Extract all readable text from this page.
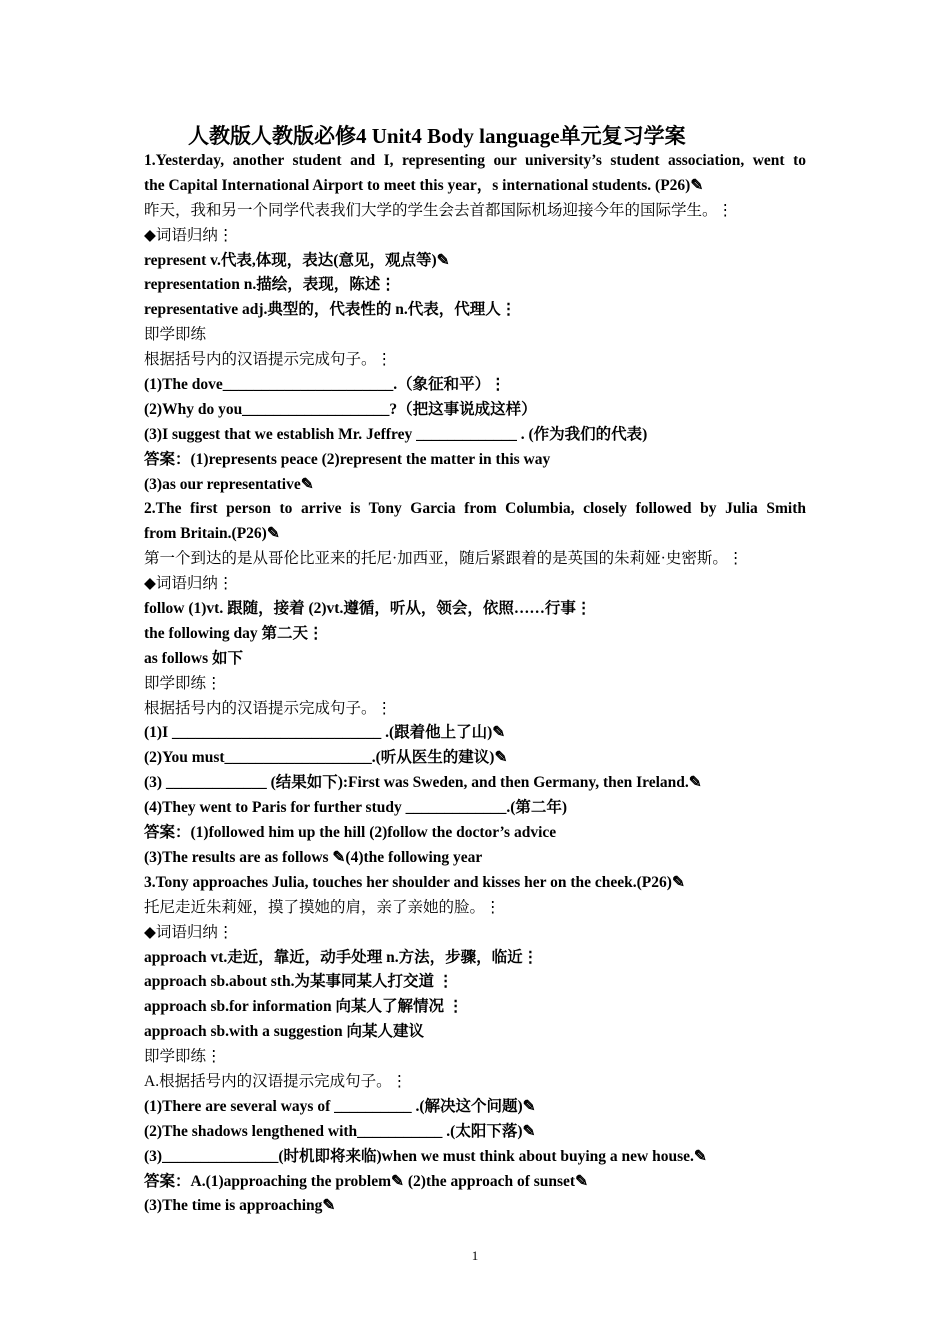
人教版人教版必修4 Unit4 Body language单元复习学案
1.Yesterday, another student and I, representing our university’s student association, went to
the Capital International Airport to meet this year，s international students. (P26)✎
昨天，我和另一个同学代表我们大学的学生会去首都国际机场迎接今年的国际学生。⋮
◆词语归纳⋮
represent v.代表,体现，表达(意见，观点等)✎
representation n.描绘，表现，陈述⋮
representative adj.典型的，代表性的 n.代表，代理人⋮
即学即练
根据括号内的汉语提示完成句子。⋮
(1)The dove______________________.（象征和平）⋮
(2)Why do you___________________?（把这事说成这样）
(3)I suggest that we establish Mr. Jeffrey _____________ . (作为我们的代表)
答案：(1)represents peace (2)represent the matter in this way
(3)as our representative✎
2.The first person to arrive is Tony Garcia from Columbia, closely followed by Julia Smith
from Britain.(P26)✎
第一个到达的是从哥伦比亚来的托尼·加西亚，随后紧跟着的是英国的朱莉娅·史密斯。⋮
◆词语归纳⋮
follow (1)vt. 跟随，接着 (2)vt.遵循，听从，领会，依照……行事⋮
the following day 第二天⋮
as follows 如下
即学即练⋮
根据括号内的汉语提示完成句子。⋮
(1)I ___________________________ .(跟着他上了山)✎
(2)You must___________________.(听从医生的建议)✎
(3) _____________ (结果如下):First was Sweden, and then Germany, then Ireland.✎
(4)They went to Paris for further study _____________.(第二年)
答案：(1)followed him up the hill (2)follow the doctor’s advice
(3)The results are as follows ✎(4)the following year
3.Tony approaches Julia, touches her shoulder and kisses her on the cheek.(P26)✎
托尼走近朱莉娅，摸了摸她的肩，亲了亲她的脸。⋮
◆词语归纳⋮
approach vt.走近，靠近，动手处理 n.方法，步骤，临近⋮
approach sb.about sth.为某事同某人打交道 ⋮
approach sb.for information 向某人了解情况 ⋮
approach sb.with a suggestion 向某人建议
即学即练⋮
A.根据括号内的汉语提示完成句子。⋮
(1)There are several ways of __________ .(解决这个问题)✎
(2)The shadows lengthened with___________ .(太阳下落)✎
(3)_______________(时机即将来临)when we must think about buying a new house.✎
答案：A.(1)approaching the problem✎ (2)the approach of sunset✎
(3)The time is approaching✎
1
